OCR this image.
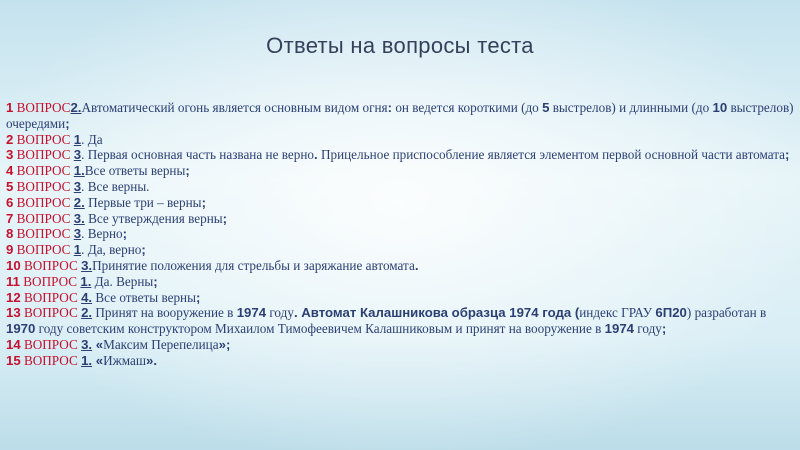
Ответы на вопросы теста
1 ВОПРОС2.Автоматический огонь является основным видом огня: он ведется короткими (до 5 выстрелов) и длинными (до 10 выстрелов) очередями;
2 ВОПРОС 1. Да
3 ВОПРОС 3. Первая основная часть названа не верно. Прицельное приспособление является элементом первой основной части автомата;
4 ВОПРОС 1.Все ответы верны;
5 ВОПРОС 3. Все верны.
6 ВОПРОС 2. Первые три – верны;
7 ВОПРОС 3. Все утверждения верны;
8 ВОПРОС 3. Верно;
9 ВОПРОС 1. Да, верно;
10 ВОПРОС 3.Принятие положения для стрельбы и заряжание автомата.
11 ВОПРОС 1. Да. Верны;
12 ВОПРОС 4. Все ответы верны;
13 ВОПРОС 2. Принят на вооружение в 1974 году. Автомат Калашникова образца 1974 года (индекс ГРАУ 6П20) разработан в 1970 году советским конструктором Михаилом Тимофеевичем Калашниковым и принят на вооружение в 1974 году;
14 ВОПРОС 3. «Максим Перепелица»;
15 ВОПРОС 1. «Ижмаш».
